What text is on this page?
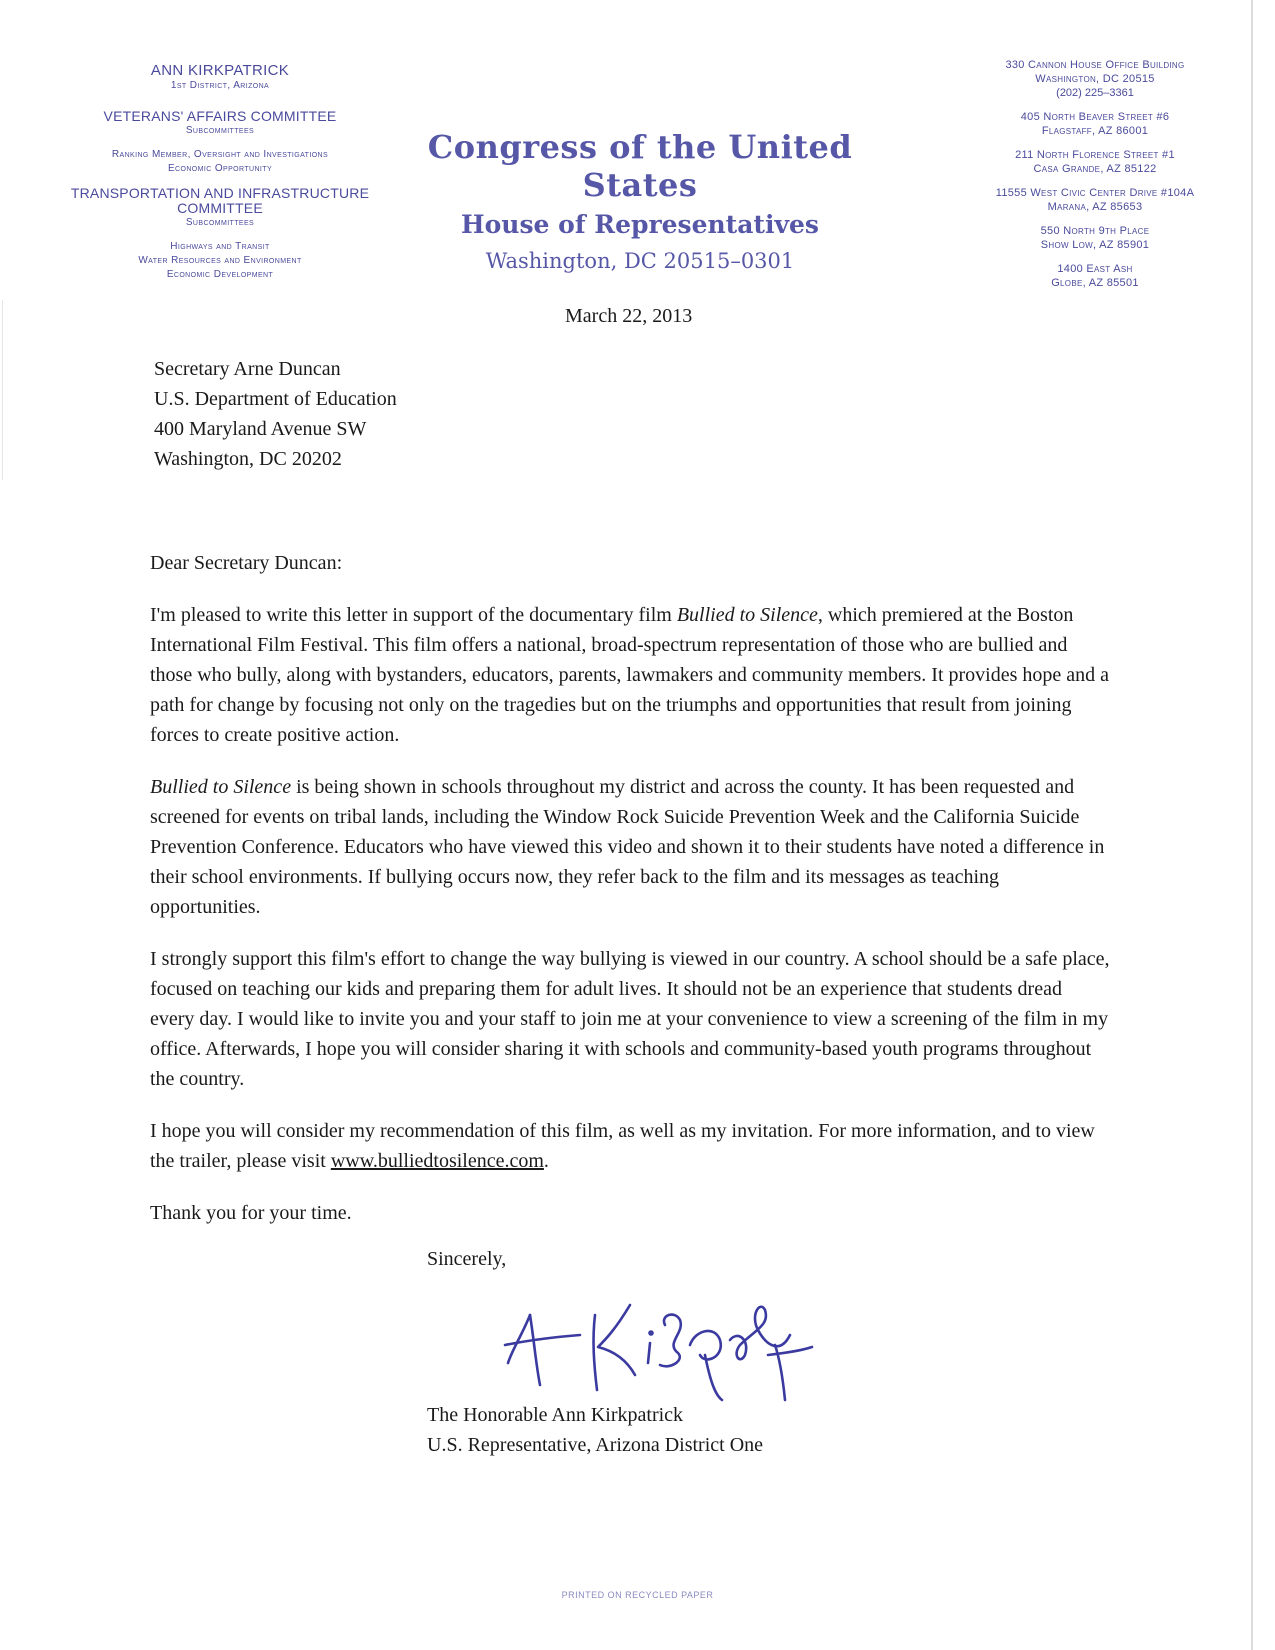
ANN KIRKPATRICK
1st District, Arizona
VETERANS' AFFAIRS COMMITTEE
Subcommittees
Ranking Member, Oversight and Investigations
Economic Opportunity
TRANSPORTATION AND INFRASTRUCTURE
COMMITTEE
Subcommittees
Highways and Transit
Water Resources and Environment
Economic Development
Congress of the United States
House of Representatives
Washington, DC 20515–0301
330 Cannon House Office Building
Washington, DC 20515
(202) 225–3361
405 North Beaver Street #6
Flagstaff, AZ 86001
211 North Florence Street #1
Casa Grande, AZ 85122
11555 West Civic Center Drive #104A
Marana, AZ 85653
550 North 9th Place
Show Low, AZ 85901
1400 East Ash
Globe, AZ 85501
March 22, 2013
Secretary Arne Duncan
U.S. Department of Education
400 Maryland Avenue SW
Washington, DC 20202

Dear Secretary Duncan:

I'm pleased to write this letter in support of the documentary film Bullied to Silence, which premiered at the Boston International Film Festival. This film offers a national, broad-spectrum representation of those who are bullied and those who bully, along with bystanders, educators, parents, lawmakers and community members. It provides hope and a path for change by focusing not only on the tragedies but on the triumphs and opportunities that result from joining forces to create positive action.

Bullied to Silence is being shown in schools throughout my district and across the county. It has been requested and screened for events on tribal lands, including the Window Rock Suicide Prevention Week and the California Suicide Prevention Conference. Educators who have viewed this video and shown it to their students have noted a difference in their school environments. If bullying occurs now, they refer back to the film and its messages as teaching opportunities.

I strongly support this film's effort to change the way bullying is viewed in our country. A school should be a safe place, focused on teaching our kids and preparing them for adult lives. It should not be an experience that students dread every day. I would like to invite you and your staff to join me at your convenience to view a screening of the film in my office. Afterwards, I hope you will consider sharing it with schools and community-based youth programs throughout the country.

I hope you will consider my recommendation of this film, as well as my invitation. For more information, and to view the trailer, please visit www.bulliedtosilence.com.

Thank you for your time.

Sincerely,
The Honorable Ann Kirkpatrick
U.S. Representative, Arizona District One
PRINTED ON RECYCLED PAPER
